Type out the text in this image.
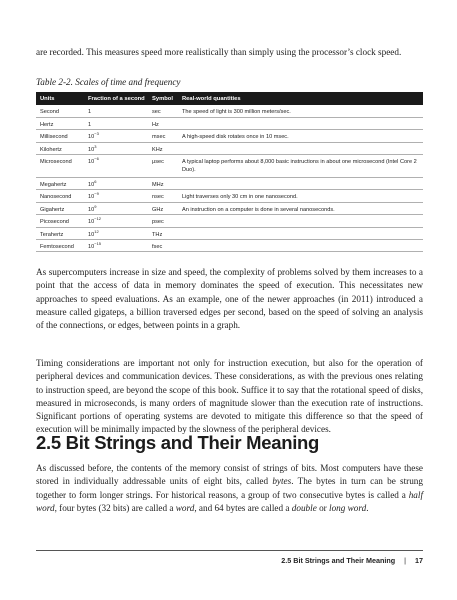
are recorded. This measures speed more realistically than simply using the processor’s clock speed.

Table 2-2. Scales of time and frequency

Units	Fraction of a second	Symbol	Real-world quantities
Second	1	sec	The speed of light is 300 million meters/sec.
Hertz	1	Hz	
Millisecond	$10^{-3}$	msec	A high-speed disk rotates once in 10 msec.
Kilohertz	$10^3$	KHz	
Microsecond	$10^{-6}$	μsec	A typical laptop performs about 8,000 basic instructions in about one microsecond (Intel Core 2 Duo).
Megahertz	$10^6$	MHz	
Nanosecond	$10^{-9}$	nsec	Light traverses only 30 cm in one nanosecond.
Gigahertz	$10^9$	GHz	An instruction on a computer is done in several nanoseconds.
Picosecond	$10^{-12}$	psec	
Terahertz	$10^{12}$	THz	
Femtosecond	$10^{-15}$	fsec	

As supercomputers increase in size and speed, the complexity of problems solved by them increases to a point that the access of data in memory dominates the speed of execution. This necessitates new approaches to speed evaluations. As an example, one of the newer approaches (in 2011) introduced a measure called gigateps, a billion traversed edges per second, based on the speed of solving an analysis of the connections, or edges, between points in a graph.

Timing considerations are important not only for instruction execution, but also for the operation of peripheral devices and communication devices. These considerations, as with the previous ones relating to instruction speed, are beyond the scope of this book. Suffice it to say that the rotational speed of disks, measured in microseconds, is many orders of magnitude slower than the execution rate of instructions. Significant portions of operating systems are devoted to mitigate this difference so that the speed of execution will be minimally impacted by the slowness of the peripheral devices.

2.5 Bit Strings and Their Meaning

As discussed before, the contents of the memory consist of strings of bits. Most computers have these stored in individually addressable units of eight bits, called bytes. The bytes in turn can be strung together to form longer strings. For historical reasons, a group of two consecutive bytes is called a half word, four bytes (32 bits) are called a word, and 64 bytes are called a double or long word.

2.5 Bit Strings and Their Meaning | 17
